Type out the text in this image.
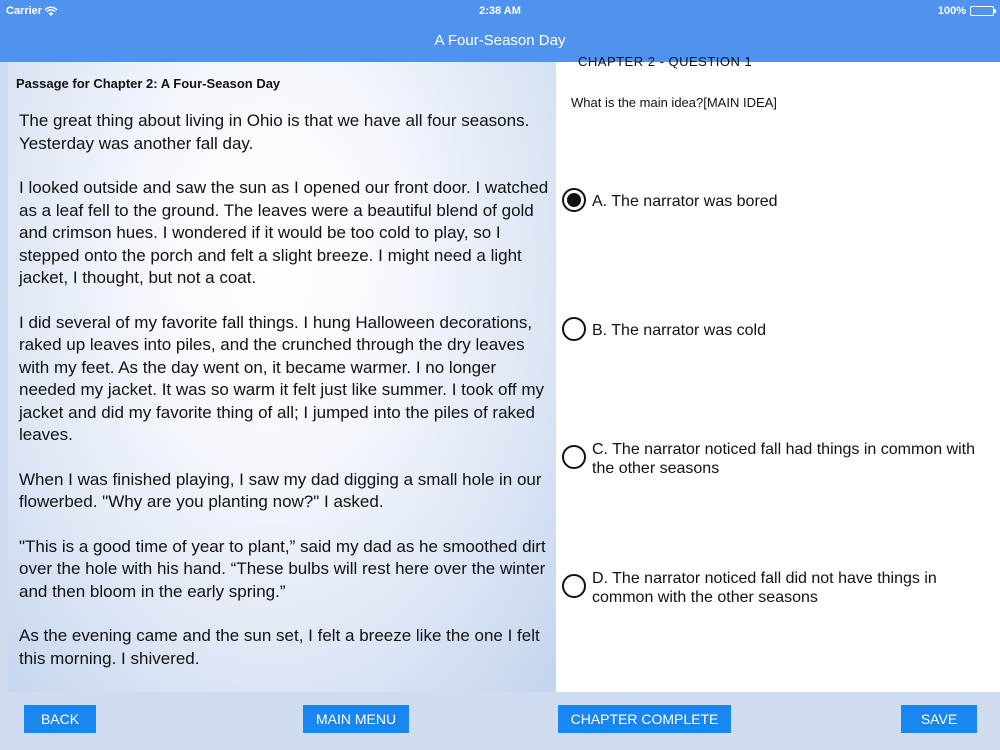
Carrier	2:38 AM	100%
A Four-Season Day
Passage for Chapter 2: A Four-Season Day

The great thing about living in Ohio is that we have all four seasons. Yesterday was another fall day.

I looked outside and saw the sun as I opened our front door. I watched as a leaf fell to the ground. The leaves were a beautiful blend of gold and crimson hues. I wondered if it would be too cold to play, so I stepped onto the porch and felt a slight breeze. I might need a light jacket, I thought, but not a coat.

I did several of my favorite fall things. I hung Halloween decorations, raked up leaves into piles, and the crunched through the dry leaves with my feet. As the day went on, it became warmer. I no longer needed my jacket. It was so warm it felt just like summer. I took off my jacket and did my favorite thing of all; I jumped into the piles of raked leaves.

When I was finished playing, I saw my dad digging a small hole in our flowerbed. "Why are you planting now?" I asked.

"This is a good time of year to plant,” said my dad as he smoothed dirt over the hole with his hand. “These bulbs will rest here over the winter and then bloom in the early spring.”

As the evening came and the sun set, I felt a breeze like the one I felt this morning. I shivered.

CHAPTER 2 - QUESTION 1
What is the main idea?[MAIN IDEA]
A. The narrator was bored
B. The narrator was cold
C. The narrator noticed fall had things in common with the other seasons
D. The narrator noticed fall did not have things in common with the other seasons
BACK	MAIN MENU	CHAPTER COMPLETE	SAVE
